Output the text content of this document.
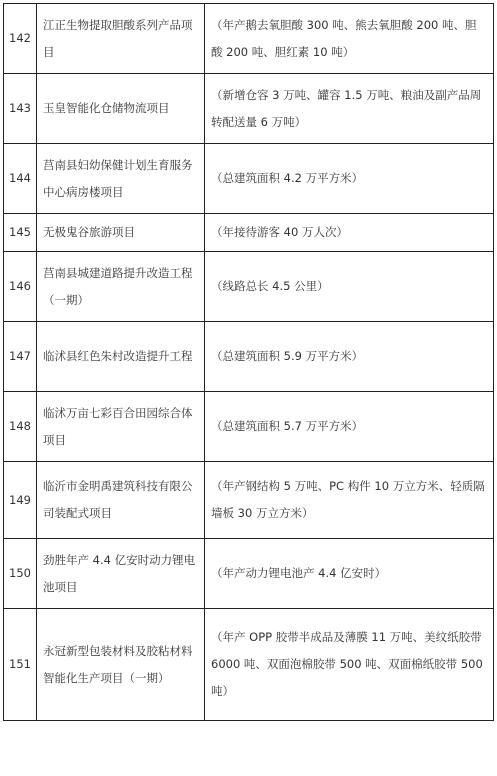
142	江正生物提取胆酸系列产品项目	（年产鹅去氧胆酸 300 吨、熊去氧胆酸 200 吨、胆酸 200 吨、胆红素 10 吨）
143	玉皇智能化仓储物流项目	（新增仓容 3 万吨、罐容 1.5 万吨、粮油及副产品周转配送量 6 万吨）
144	莒南县妇幼保健计划生育服务中心病房楼项目	（总建筑面积 4.2 万平方米）
145	无极鬼谷旅游项目	（年接待游客 40 万人次）
146	莒南县城建道路提升改造工程（一期）	（线路总长 4.5 公里）
147	临沭县红色朱村改造提升工程	（总建筑面积 5.9 万平方米）
148	临沭万亩七彩百合田园综合体项目	（总建筑面积 5.7 万平方米）
149	临沂市金明禹建筑科技有限公司装配式项目	（年产钢结构 5 万吨、PC 构件 10 万立方米、轻质隔墙板 30 万立方米）
150	劲胜年产 4.4 亿安时动力锂电池项目	（年产动力锂电池产 4.4 亿安时）
151	永冠新型包装材料及胶粘材料智能化生产项目（一期）	（年产 OPP 胶带半成品及薄膜 11 万吨、美纹纸胶带 6000 吨、双面泡棉胶带 500 吨、双面棉纸胶带 500 吨）
